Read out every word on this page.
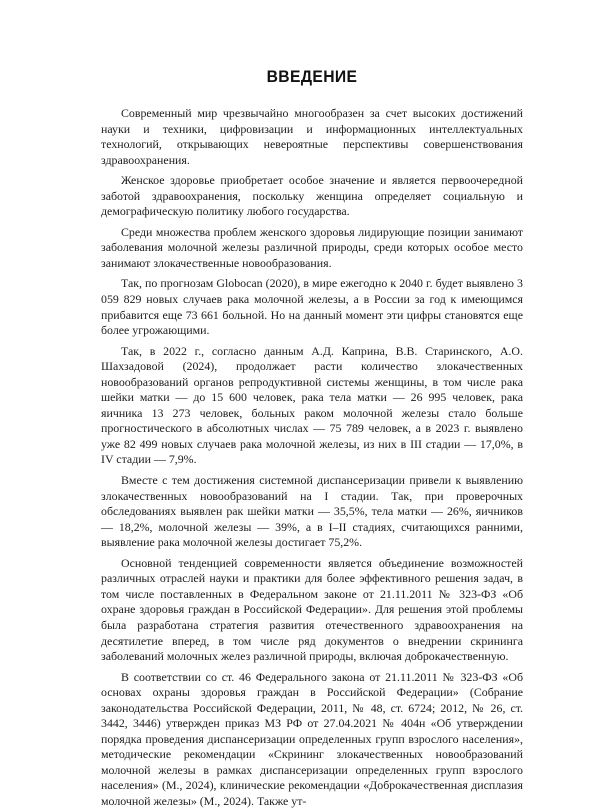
ВВЕДЕНИЕ

Современный мир чрезвычайно многообразен за счет высоких достижений науки и техники, цифровизации и информационных интеллектуальных технологий, открывающих невероятные перспективы совершенствования здравоохранения.

Женское здоровье приобретает особое значение и является первоочередной заботой здравоохранения, поскольку женщина определяет социальную и демографическую политику любого государства.

Среди множества проблем женского здоровья лидирующие позиции занимают заболевания молочной железы различной природы, среди которых особое место занимают злокачественные новообразования.

Так, по прогнозам Globocan (2020), в мире ежегодно к 2040 г. будет выявлено 3 059 829 новых случаев рака молочной железы, а в России за год к имеющимся прибавится еще 73 661 больной. Но на данный момент эти цифры становятся еще более угрожающими.

Так, в 2022 г., согласно данным А.Д. Каприна, В.В. Старинского, А.О. Шахзадовой (2024), продолжает расти количество злокачественных новообразований органов репродуктивной системы женщины, в том числе рака шейки матки — до 15 600 человек, рака тела матки — 26 995 человек, рака яичника 13 273 человек, больных раком молочной железы стало больше прогностического в абсолютных числах — 75 789 человек, а в 2023 г. выявлено уже 82 499 новых случаев рака молочной железы, из них в III стадии — 17,0%, в IV стадии — 7,9%.

Вместе с тем достижения системной диспансеризации привели к выявлению злокачественных новообразований на I стадии. Так, при проверочных обследованиях выявлен рак шейки матки — 35,5%, тела матки — 26%, яичников — 18,2%, молочной железы — 39%, а в I–II стадиях, считающихся ранними, выявление рака молочной железы достигает 75,2%.

Основной тенденцией современности является объединение возможностей различных отраслей науки и практики для более эффективного решения задач, в том числе поставленных в Федеральном законе от 21.11.2011 № 323-ФЗ «Об охране здоровья граждан в Российской Федерации». Для решения этой проблемы была разработана стратегия развития отечественного здравоохранения на десятилетие вперед, в том числе ряд документов о внедрении скрининга заболеваний молочных желез различной природы, включая доброкачественную.

В соответствии со ст. 46 Федерального закона от 21.11.2011 № 323-ФЗ «Об основах охраны здоровья граждан в Российской Федерации» (Собрание законодательства Российской Федерации, 2011, № 48, ст. 6724; 2012, № 26, ст. 3442, 3446) утвержден приказ МЗ РФ от 27.04.2021 № 404н «Об утверждении порядка проведения диспансеризации определенных групп взрослого населения», методические рекомендации «Скрининг злокачественных новообразований молочной железы в рамках диспансеризации определенных групп взрослого населения» (М., 2024), клинические рекомендации «Доброкачественная дисплазия молочной железы» (М., 2024). Также ут-
